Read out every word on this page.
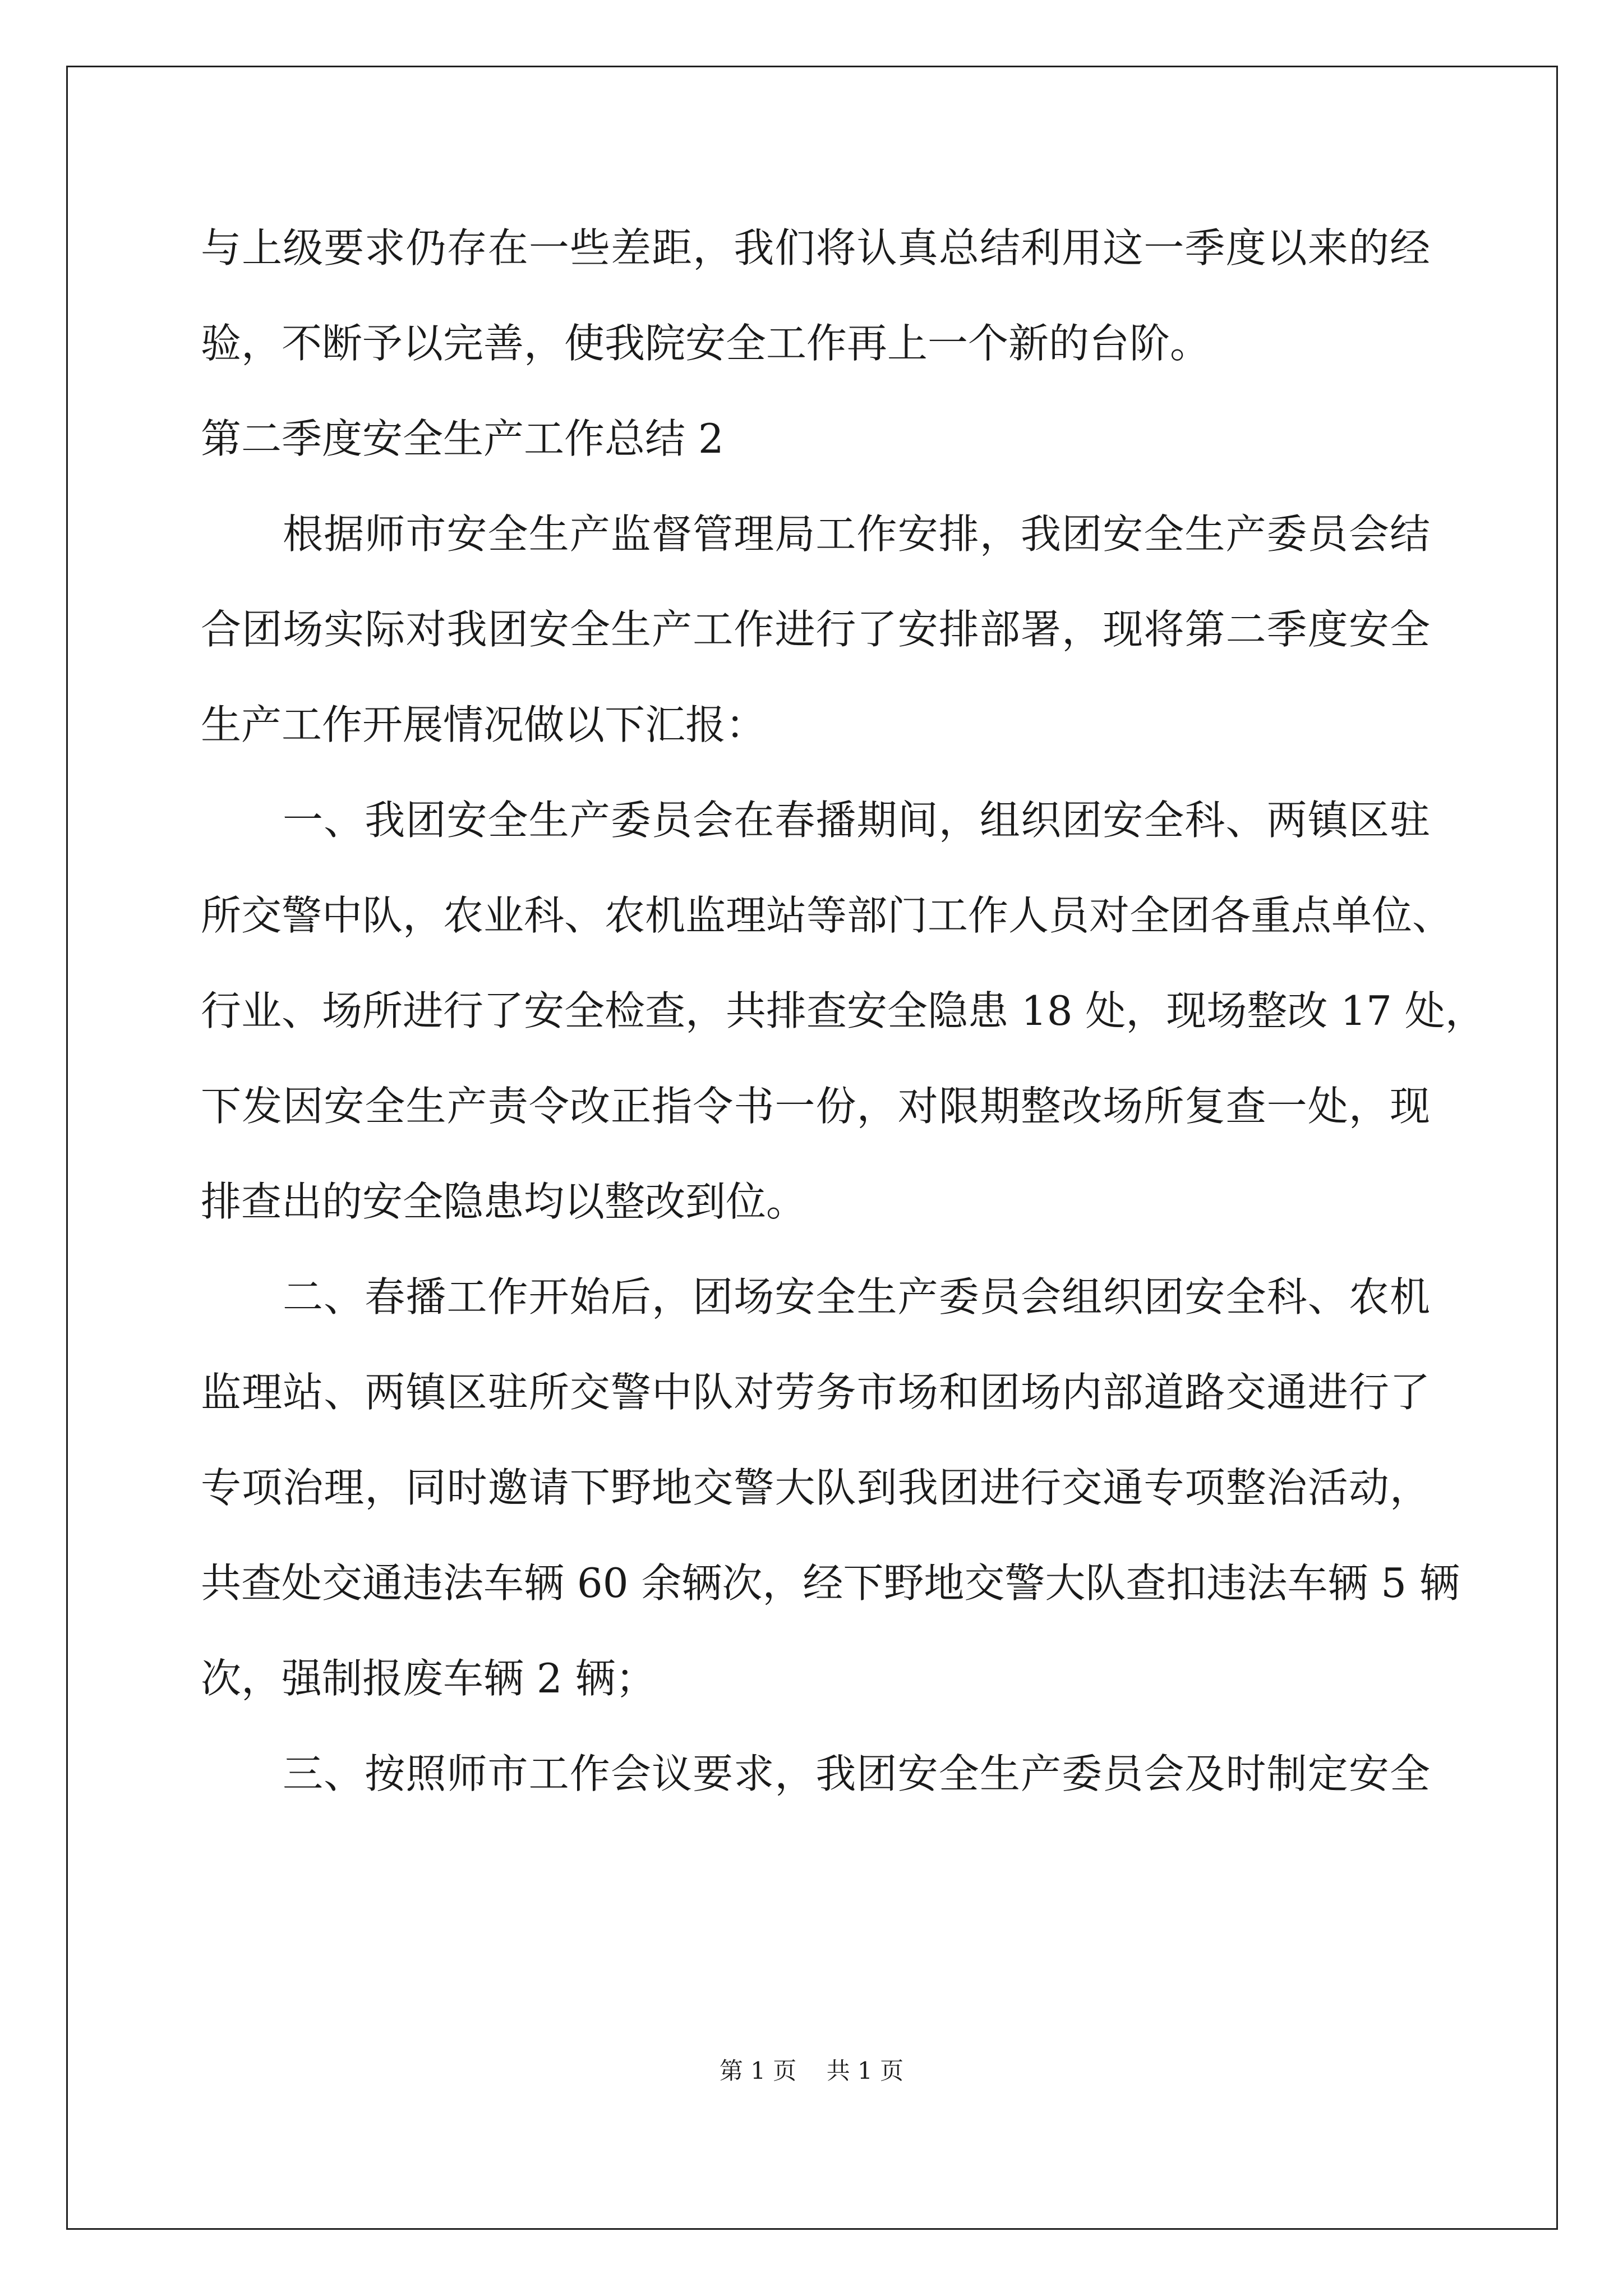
与上级要求仍存在一些差距，我们将认真总结利用这一季度以来的经
验，不断予以完善，使我院安全工作再上一个新的台阶。
第二季度安全生产工作总结 2
根据师市安全生产监督管理局工作安排，我团安全生产委员会结
合团场实际对我团安全生产工作进行了安排部署，现将第二季度安全
生产工作开展情况做以下汇报：
一、我团安全生产委员会在春播期间，组织团安全科、两镇区驻
所交警中队，农业科、农机监理站等部门工作人员对全团各重点单位、
行业、场所进行了安全检查，共排查安全隐患 18 处，现场整改 17 处，
下发因安全生产责令改正指令书一份，对限期整改场所复查一处，现
排查出的安全隐患均以整改到位。
二、春播工作开始后，团场安全生产委员会组织团安全科、农机
监理站、两镇区驻所交警中队对劳务市场和团场内部道路交通进行了
专项治理，同时邀请下野地交警大队到我团进行交通专项整治活动，
共查处交通违法车辆 60 余辆次，经下野地交警大队查扣违法车辆 5 辆
次，强制报废车辆 2 辆；
三、按照师市工作会议要求，我团安全生产委员会及时制定安全
第 1 页    共 1 页
